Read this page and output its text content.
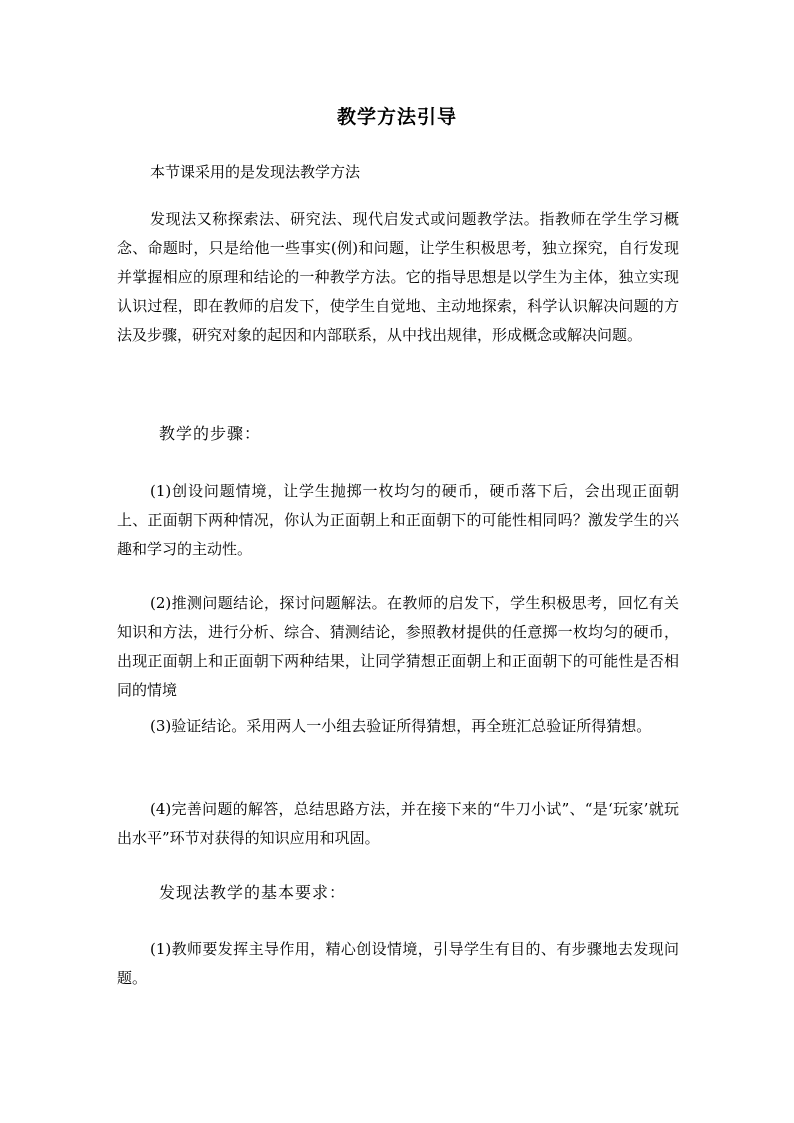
教学方法引导

本节课采用的是发现法教学方法

发现法又称探索法、研究法、现代启发式或问题教学法。指教师在学生学习概念、命题时，只是给他一些事实(例)和问题，让学生积极思考，独立探究，自行发现并掌握相应的原理和结论的一种教学方法。它的指导思想是以学生为主体，独立实现认识过程，即在教师的启发下，使学生自觉地、主动地探索，科学认识解决问题的方法及步骤，研究对象的起因和内部联系，从中找出规律，形成概念或解决问题。

教学的步骤：

(1)创设问题情境，让学生抛掷一枚均匀的硬币，硬币落下后，会出现正面朝上、正面朝下两种情况，你认为正面朝上和正面朝下的可能性相同吗？激发学生的兴趣和学习的主动性。

(2)推测问题结论，探讨问题解法。在教师的启发下，学生积极思考，回忆有关知识和方法，进行分析、综合、猜测结论，参照教材提供的任意掷一枚均匀的硬币，出现正面朝上和正面朝下两种结果，让同学猜想正面朝上和正面朝下的可能性是否相同的情境

(3)验证结论。采用两人一小组去验证所得猜想，再全班汇总验证所得猜想。

(4)完善问题的解答，总结思路方法，并在接下来的“牛刀小试”、“是‘玩家’就玩出水平”环节对获得的知识应用和巩固。

发现法教学的基本要求：

(1)教师要发挥主导作用，精心创设情境，引导学生有目的、有步骤地去发现问题。
